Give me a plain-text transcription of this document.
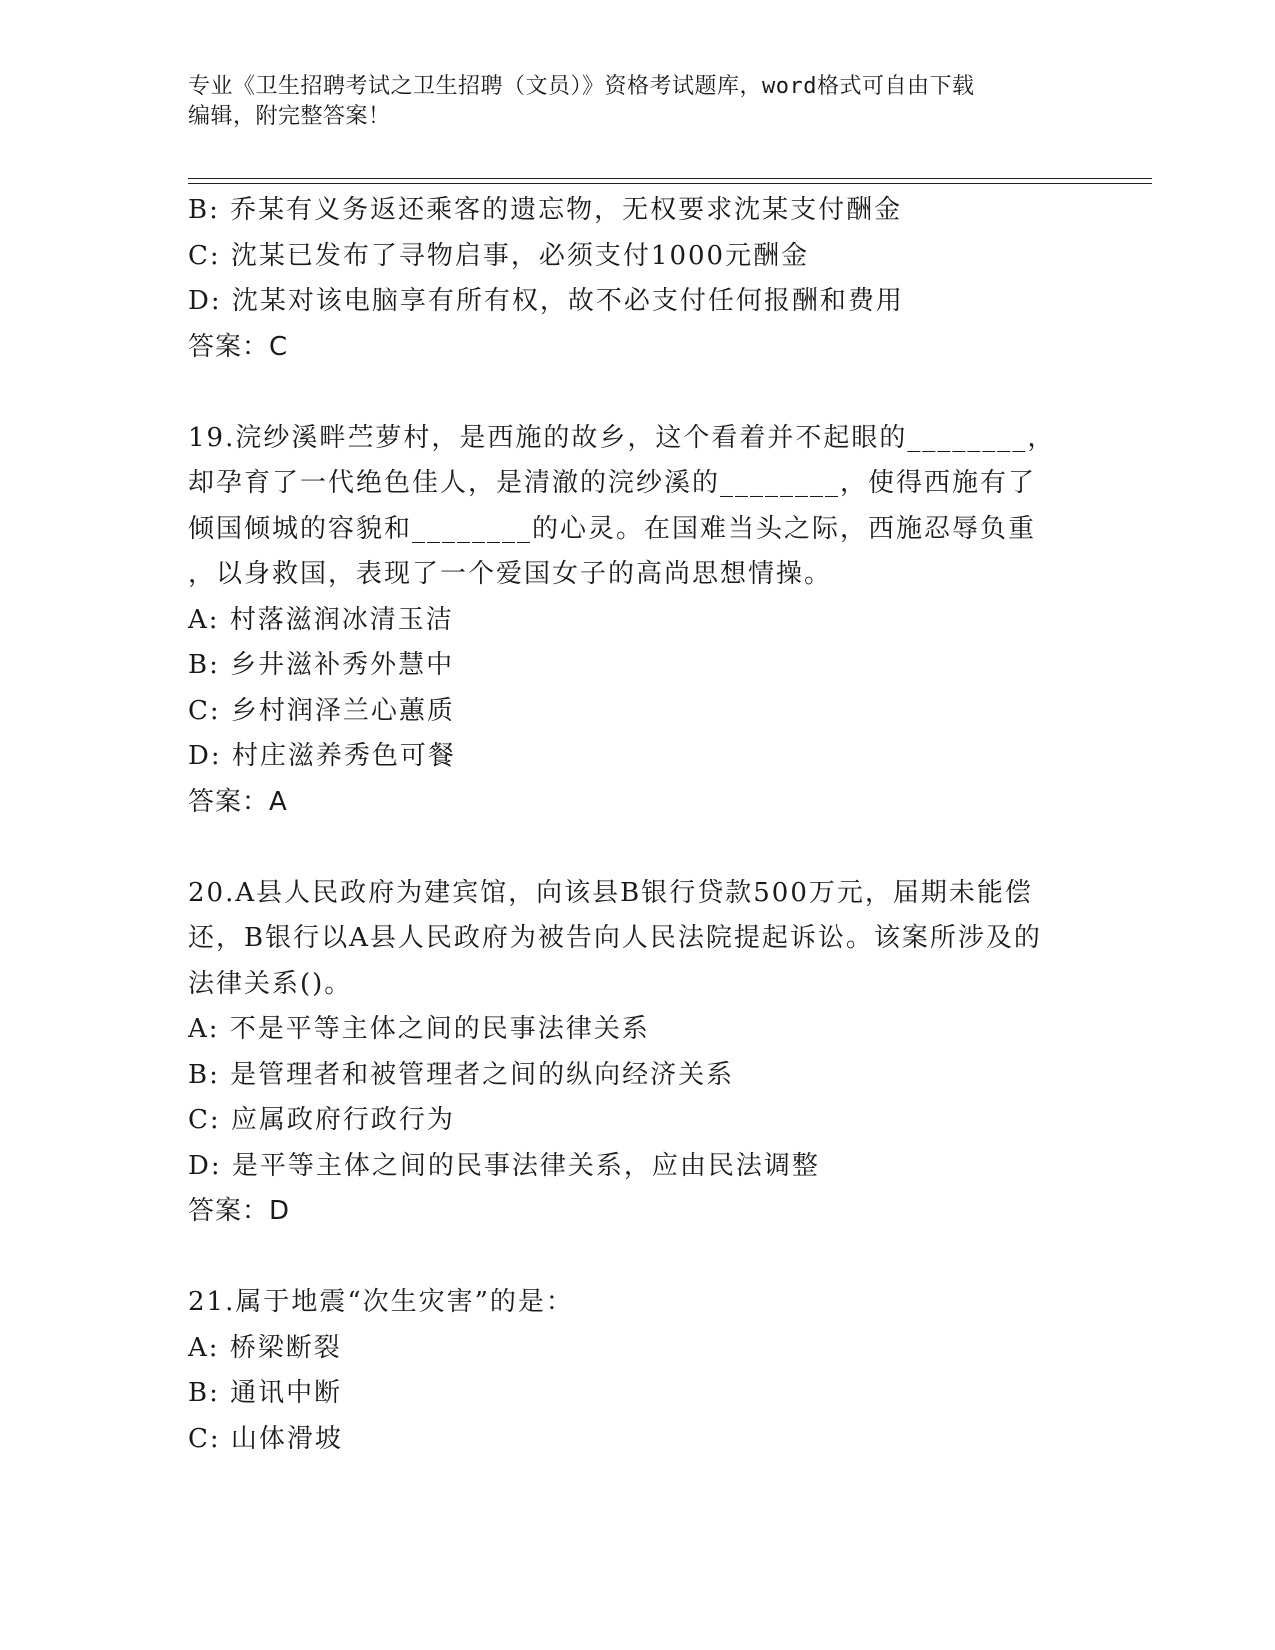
专业《卫生招聘考试之卫生招聘（文员）》资格考试题库，word格式可自由下载
编辑，附完整答案！
B: 乔某有义务返还乘客的遗忘物，无权要求沈某支付酬金
C: 沈某已发布了寻物启事，必须支付1000元酬金
D: 沈某对该电脑享有所有权，故不必支付任何报酬和费用
答案：C
19.浣纱溪畔苎萝村，是西施的故乡，这个看着并不起眼的________，
却孕育了一代绝色佳人，是清澈的浣纱溪的________，使得西施有了
倾国倾城的容貌和________的心灵。在国难当头之际，西施忍辱负重
，以身救国，表现了一个爱国女子的高尚思想情操。
A: 村落滋润冰清玉洁
B: 乡井滋补秀外慧中
C: 乡村润泽兰心蕙质
D: 村庄滋养秀色可餐
答案：A
20.A县人民政府为建宾馆，向该县B银行贷款500万元，届期未能偿
还，B银行以A县人民政府为被告向人民法院提起诉讼。该案所涉及的
法律关系()。
A: 不是平等主体之间的民事法律关系
B: 是管理者和被管理者之间的纵向经济关系
C: 应属政府行政行为
D: 是平等主体之间的民事法律关系，应由民法调整
答案：D
21.属于地震“次生灾害”的是：
A: 桥梁断裂
B: 通讯中断
C: 山体滑坡
